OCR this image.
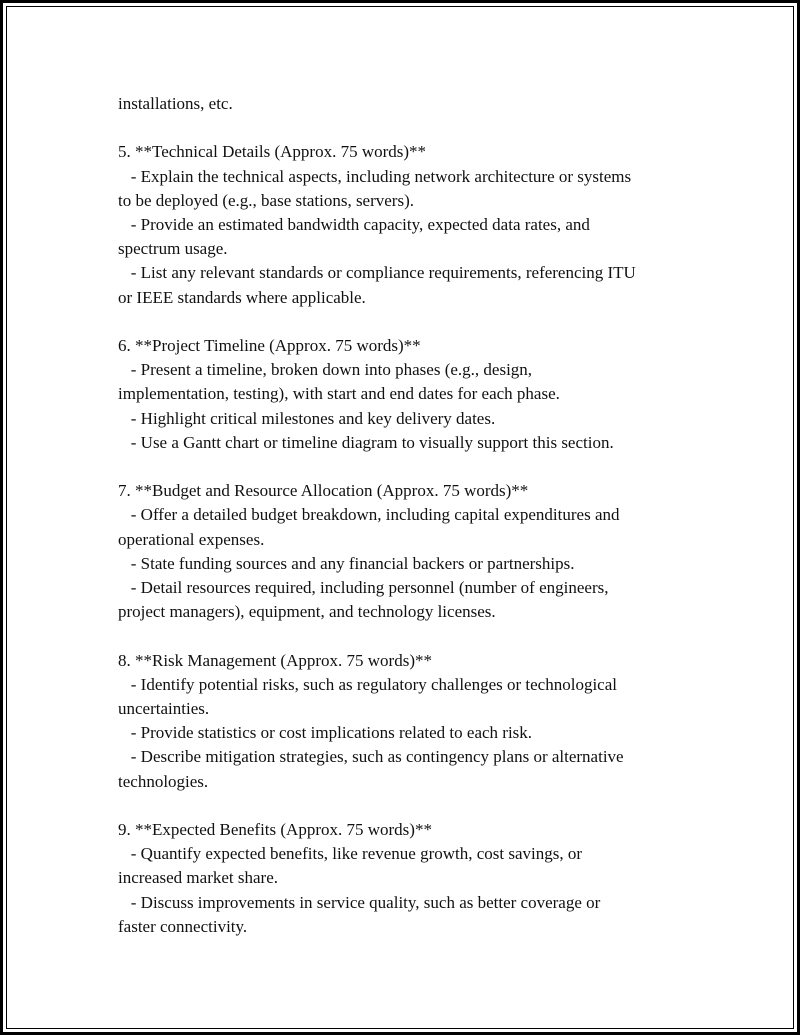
installations, etc.
5. **Technical Details (Approx. 75 words)**
- Explain the technical aspects, including network architecture or systems
to be deployed (e.g., base stations, servers).
- Provide an estimated bandwidth capacity, expected data rates, and
spectrum usage.
- List any relevant standards or compliance requirements, referencing ITU
or IEEE standards where applicable.
6. **Project Timeline (Approx. 75 words)**
- Present a timeline, broken down into phases (e.g., design,
implementation, testing), with start and end dates for each phase.
- Highlight critical milestones and key delivery dates.
- Use a Gantt chart or timeline diagram to visually support this section.
7. **Budget and Resource Allocation (Approx. 75 words)**
- Offer a detailed budget breakdown, including capital expenditures and
operational expenses.
- State funding sources and any financial backers or partnerships.
- Detail resources required, including personnel (number of engineers,
project managers), equipment, and technology licenses.
8. **Risk Management (Approx. 75 words)**
- Identify potential risks, such as regulatory challenges or technological
uncertainties.
- Provide statistics or cost implications related to each risk.
- Describe mitigation strategies, such as contingency plans or alternative
technologies.
9. **Expected Benefits (Approx. 75 words)**
- Quantify expected benefits, like revenue growth, cost savings, or
increased market share.
- Discuss improvements in service quality, such as better coverage or
faster connectivity.
